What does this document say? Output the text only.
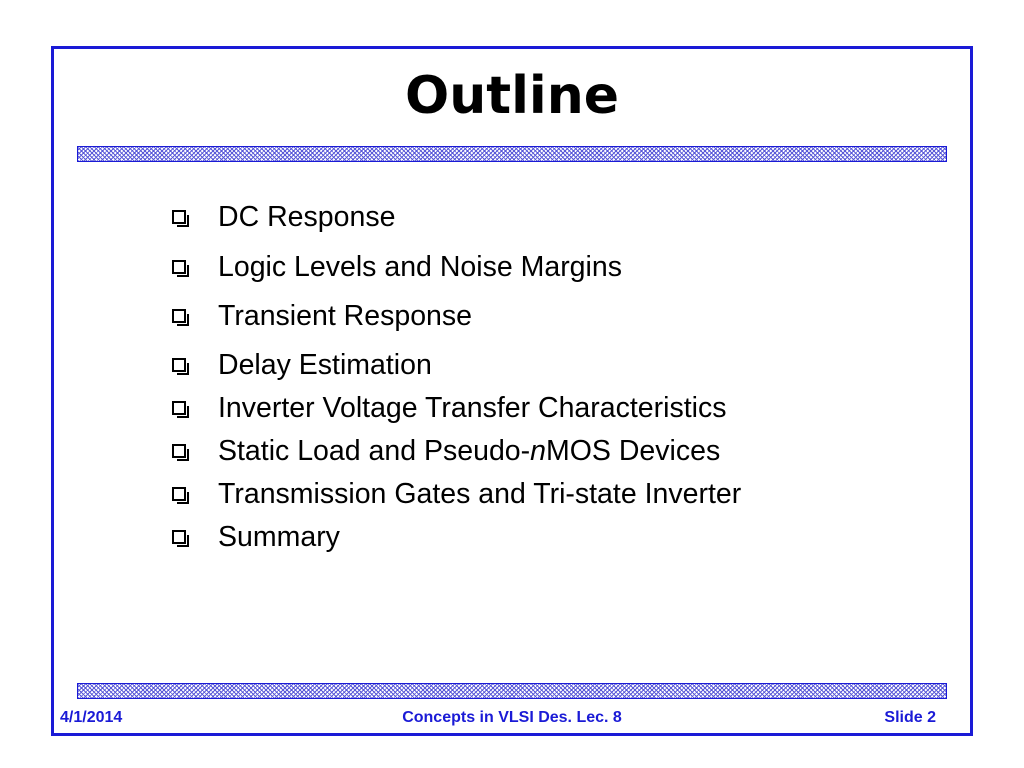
Outline
DC Response
Logic Levels and Noise Margins
Transient Response
Delay Estimation
Inverter Voltage Transfer Characteristics
Static Load and Pseudo-nMOS Devices
Transmission Gates and Tri-state Inverter
Summary
4/1/2014	Concepts in VLSI Des. Lec. 8	Slide 2
